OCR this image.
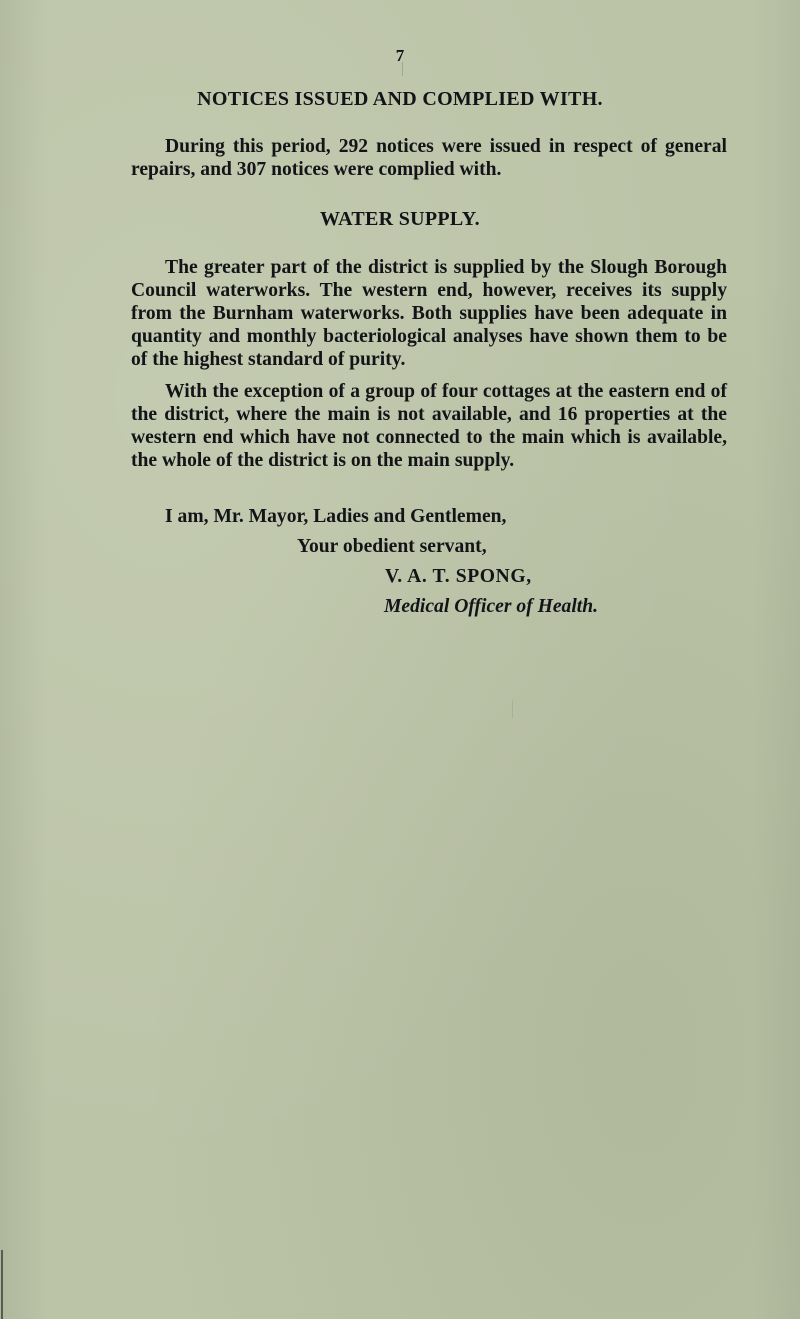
7
NOTICES ISSUED AND COMPLIED WITH.

During this period, 292 notices were issued in respect of general repairs, and 307 notices were complied with.

WATER SUPPLY.

The greater part of the district is supplied by the Slough Borough Council waterworks. The western end, however, receives its supply from the Burnham waterworks. Both supplies have been adequate in quantity and monthly bacteriological analyses have shown them to be of the highest standard of purity.

With the exception of a group of four cottages at the eastern end of the district, where the main is not available, and 16 properties at the western end which have not connected to the main which is available, the whole of the district is on the main supply.

I am, Mr. Mayor, Ladies and Gentlemen,
Your obedient servant,
V. A. T. SPONG,
Medical Officer of Health.
